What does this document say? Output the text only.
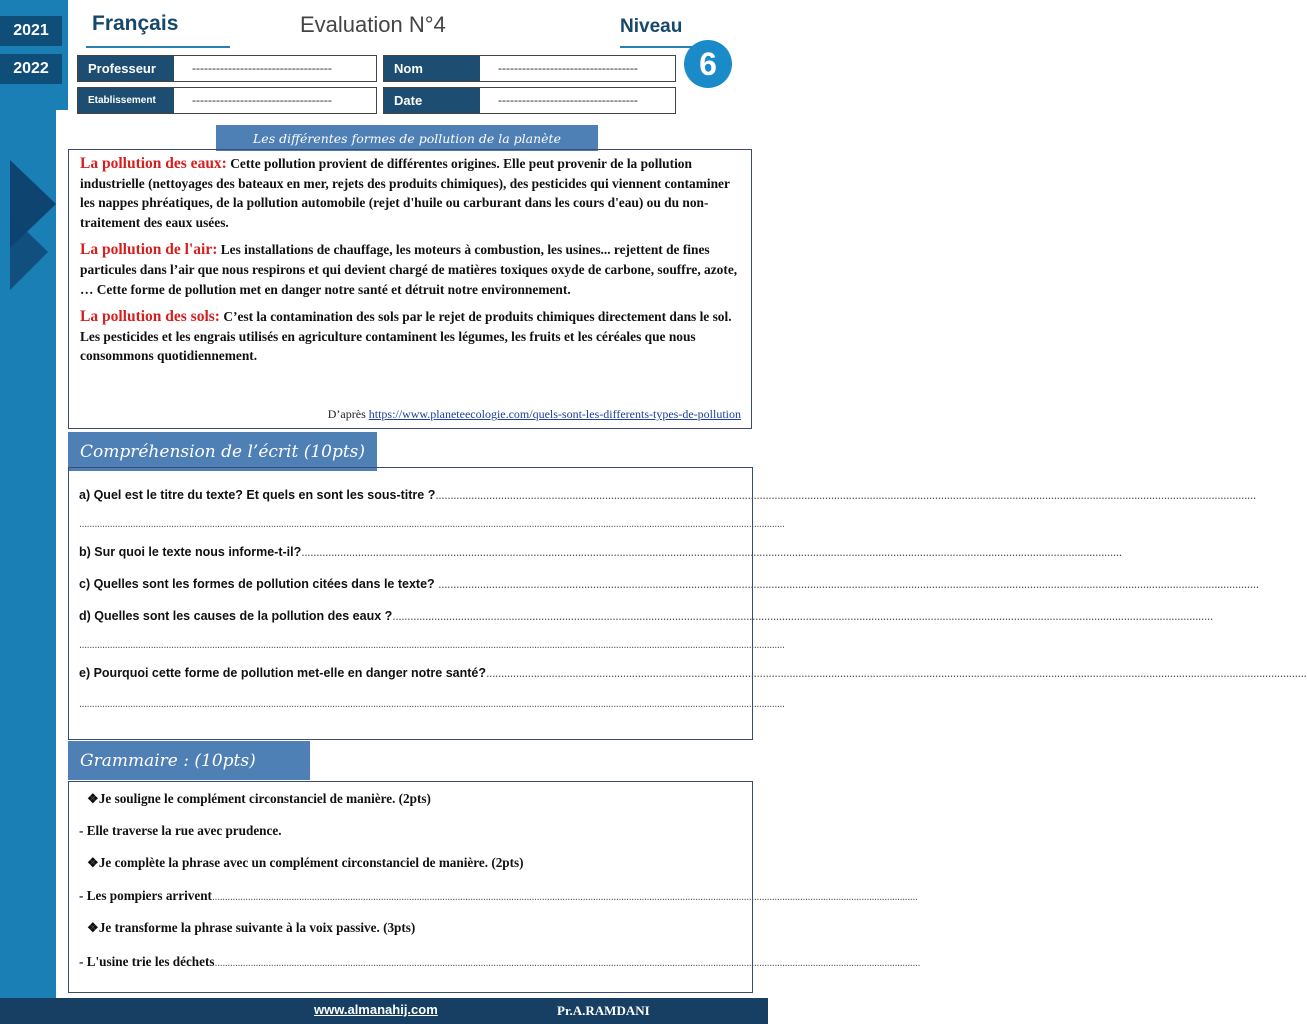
2021
2022
Français	Evaluation N°4	Niveau
6
Professeur	-----------------------------------
Etablissement	-----------------------------------
Nom	-----------------------------------
Date	-----------------------------------
Les différentes formes de pollution de la planète

La pollution des eaux: Cette pollution provient de différentes origines. Elle peut provenir de la pollution industrielle (nettoyages des bateaux en mer, rejets des produits chimiques), des pesticides qui viennent contaminer les nappes phréatiques, de la pollution automobile (rejet d'huile ou carburant dans les cours d'eau) ou du non-traitement des eaux usées.

La pollution de l'air: Les installations de chauffage, les moteurs à combustion, les usines... rejettent de fines particules dans l’air que nous respirons et qui devient chargé de matières toxiques oxyde de carbone, souffre, azote, … Cette forme de pollution met en danger notre santé et détruit notre environnement.

La pollution des sols: C’est la contamination des sols par le rejet de produits chimiques directement dans le sol. Les pesticides et les engrais utilisés en agriculture contaminent les légumes, les fruits et les céréales que nous consommons quotidiennement.

D’après https://www.planeteecologie.com/quels-sont-les-differents-types-de-pollution
Compréhension de l’écrit (10pts)
a) Quel est le titre du texte? Et quels en sont les sous-titre ?....................................................................................................................................................................................................................................................................................
....................................................................................................................................................................................................................................................................................
b) Sur quoi le texte nous informe-t-il?....................................................................................................................................................................................................................................................................................
c) Quelles sont les formes de pollution citées dans le texte? ....................................................................................................................................................................................................................................................................................
d) Quelles sont les causes de la pollution des eaux ?....................................................................................................................................................................................................................................................................................
....................................................................................................................................................................................................................................................................................
e) Pourquoi cette forme de pollution met-elle en danger notre santé?....................................................................................................................................................................................................................................................................................
....................................................................................................................................................................................................................................................................................
Grammaire : (10pts)
❖Je souligne le complément circonstanciel de manière. (2pts)
- Elle traverse la rue avec prudence.
❖Je complète la phrase avec un complément circonstanciel de manière. (2pts)
- Les pompiers arrivent....................................................................................................................................................................................................................................................................................
❖Je transforme la phrase suivante à la voix passive. (3pts)
- L'usine trie les déchets....................................................................................................................................................................................................................................................................................
www.almanahij.com	Pr.A.RAMDANI
